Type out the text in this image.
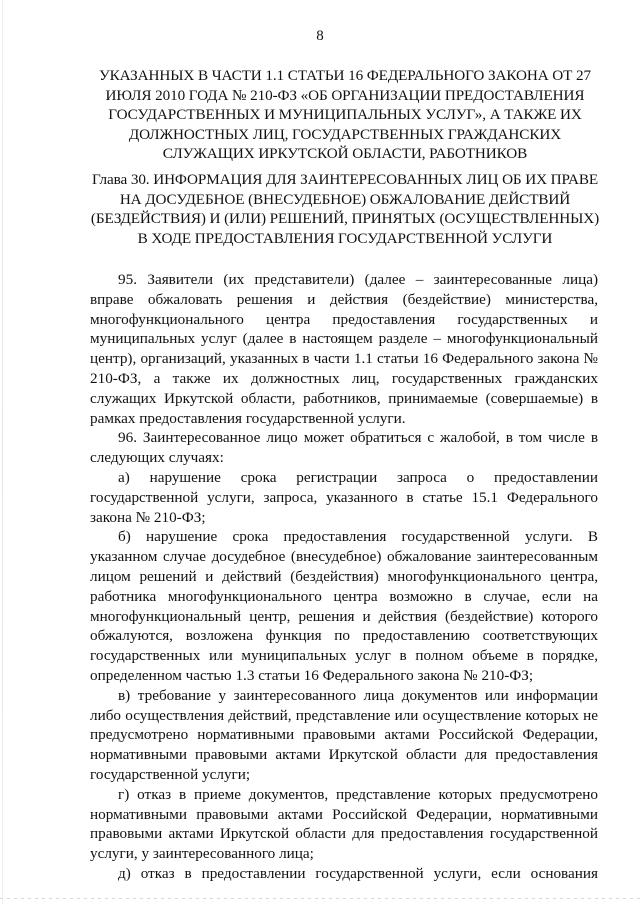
8
УКАЗАННЫХ В ЧАСТИ 1.1 СТАТЬИ 16 ФЕДЕРАЛЬНОГО ЗАКОНА ОТ 27 ИЮЛЯ 2010 ГОДА № 210-ФЗ «ОБ ОРГАНИЗАЦИИ ПРЕДОСТАВЛЕНИЯ ГОСУДАРСТВЕННЫХ И МУНИЦИПАЛЬНЫХ УСЛУГ», А ТАКЖЕ ИХ ДОЛЖНОСТНЫХ ЛИЦ, ГОСУДАРСТВЕННЫХ ГРАЖДАНСКИХ СЛУЖАЩИХ ИРКУТСКОЙ ОБЛАСТИ, РАБОТНИКОВ
Глава 30. ИНФОРМАЦИЯ ДЛЯ ЗАИНТЕРЕСОВАННЫХ ЛИЦ ОБ ИХ ПРАВЕ НА ДОСУДЕБНОЕ (ВНЕСУДЕБНОЕ) ОБЖАЛОВАНИЕ ДЕЙСТВИЙ (БЕЗДЕЙСТВИЯ) И (ИЛИ) РЕШЕНИЙ, ПРИНЯТЫХ (ОСУЩЕСТВЛЕННЫХ) В ХОДЕ ПРЕДОСТАВЛЕНИЯ ГОСУДАРСТВЕННОЙ УСЛУГИ

95. Заявители (их представители) (далее – заинтересованные лица) вправе обжаловать решения и действия (бездействие) министерства, многофункционального центра предоставления государственных и муниципальных услуг (далее в настоящем разделе – многофункциональный центр), организаций, указанных в части 1.1 статьи 16 Федерального закона № 210-ФЗ, а также их должностных лиц, государственных гражданских служащих Иркутской области, работников, принимаемые (совершаемые) в рамках предоставления государственной услуги.

96. Заинтересованное лицо может обратиться с жалобой, в том числе в следующих случаях:

а) нарушение срока регистрации запроса о предоставлении государственной услуги, запроса, указанного в статье 15.1 Федерального закона № 210-ФЗ;

б) нарушение срока предоставления государственной услуги. В указанном случае досудебное (внесудебное) обжалование заинтересованным лицом решений и действий (бездействия) многофункционального центра, работника многофункционального центра возможно в случае, если на многофункциональный центр, решения и действия (бездействие) которого обжалуются, возложена функция по предоставлению соответствующих государственных или муниципальных услуг в полном объеме в порядке, определенном частью 1.3 статьи 16 Федерального закона № 210-ФЗ;

в) требование у заинтересованного лица документов или информации либо осуществления действий, представление или осуществление которых не предусмотрено нормативными правовыми актами Российской Федерации, нормативными правовыми актами Иркутской области для предоставления государственной услуги;

г) отказ в приеме документов, представление которых предусмотрено нормативными правовыми актами Российской Федерации, нормативными правовыми актами Иркутской области для предоставления государственной услуги, у заинтересованного лица;

д) отказ в предоставлении государственной услуги, если основания
